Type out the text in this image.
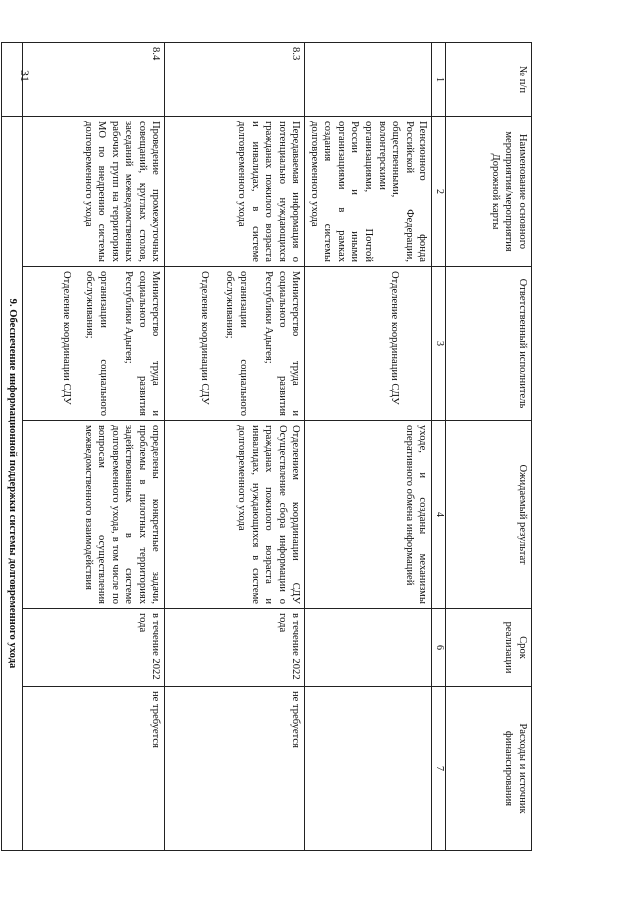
31	№ п/п	Наименование основного мероприятия/мероприятия Дорожной карты	Ответственный исполнитель	Ожидаемый результат	Срок реализации	Расходы и источник финансирования
1	2	3	4	6	7
	Пенсионного фонда Российской Федерации, общественными, волонтерскими организациями, Почтой России и иными организациями в рамках создания системы долговременного ухода	Отделение координации СДУ	уходе, и созданы механизмы оперативного обмена информацией		
8.3	Передаваемая информация о потенциально нуждающихся гражданах пожилого возраста и инвалидах, в системе долговременного ухода	Министерство труда и социального развития Республики Адыгея;
организации социального обслуживания;
Отделение координации СДУ	Отделением координации СДУ Осуществление сбора информации о гражданах пожилого возраста и инвалидах, нуждающихся в системе долговременного ухода	в течение 2022 года	не требуется
8.4	Проведение промежуточных совещаний, круглых столов, заседаний межведомственных рабочих групп на территориях МО по внедрению системы долговременного ухода	Министерство труда и социального развития Республики Адыгея;
организации социального обслуживания;
Отделение координации СДУ	определены конкретные задачи, проблемы в пилотных территориях задействованных в системе долговременного ухода, в том числе по вопросам осуществления межведомственного взаимодействия	в течение 2022 года	не требуется
	9. Обеспечение информационной поддержки системы долговременного ухода				
